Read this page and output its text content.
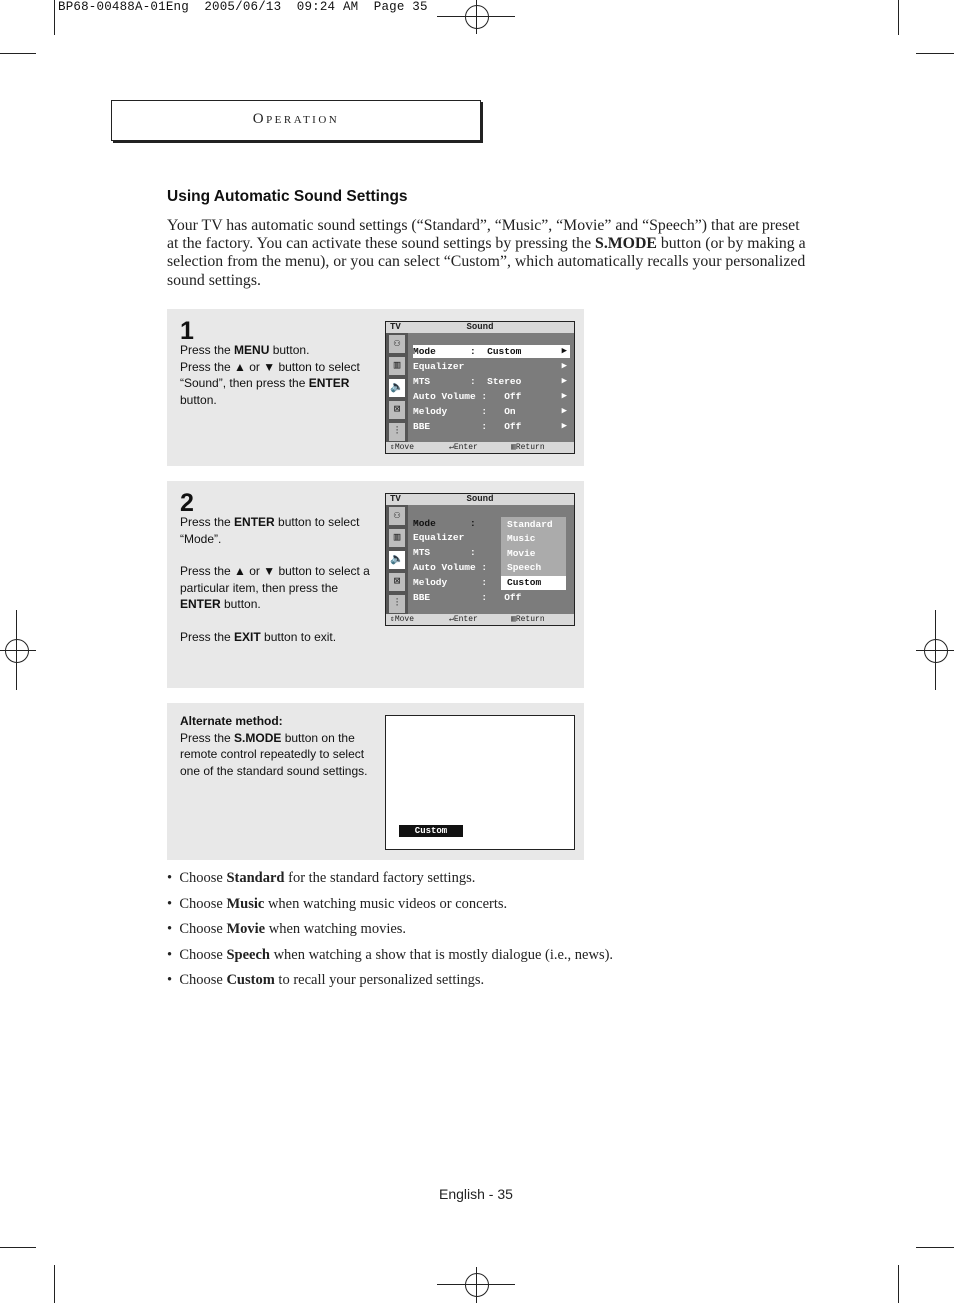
BP68-00488A-01Eng  2005/06/13  09:24 AM  Page 35
Operation
Using Automatic Sound Settings
Your TV has automatic sound settings (“Standard”, “Music”, “Movie” and “Speech”) that are preset at the factory. You can activate these sound settings by pressing the S.MODE button (or by making a selection from the menu), or you can select “Custom”, which automatically recalls your personalized sound settings.
1
Press the MENU button.
Press the ▲ or ▼ button to select “Sound”, then press the ENTER button.
TV	Sound
⚇
▥
🔈
⊠
⫶
Mode      :  Custom	▶
Equalizer	▶
MTS       :  Stereo	▶
Auto Volume :   Off	▶
Melody      :   On	▶
BBE         :   Off	▶
⇕Move	↵Enter	▥Return
2
Press the ENTER button to select “Mode”.
Press the ▲ or ▼ button to select a particular item, then press the ENTER button.
Press the EXIT button to exit.
TV	Sound
⚇
▥
🔈
⊠
⫶
Mode      :
Equalizer
MTS       :
Auto Volume :
Melody      :
BBE         :   Off
Standard
Music
Movie
Speech
Custom
⇕Move	↵Enter	▥Return
Alternate method:
Press the S.MODE button on the remote control repeatedly to select one of the standard sound settings.
Custom
•  Choose Standard for the standard factory settings.
•  Choose Music when watching music videos or concerts.
•  Choose Movie when watching movies.
•  Choose Speech when watching a show that is mostly dialogue (i.e., news).
•  Choose Custom to recall your personalized settings.
English - 35
